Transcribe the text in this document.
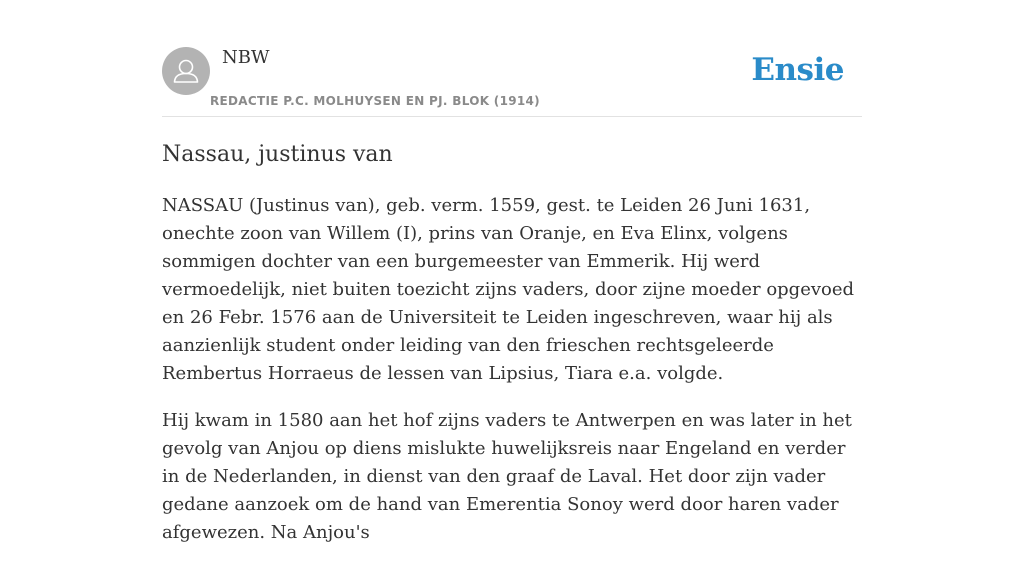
NBW
REDACTIE P.C. MOLHUYSEN EN PJ. BLOK (1914)
Ensie
Nassau, justinus van

NASSAU (Justinus van), geb. verm. 1559, gest. te Leiden 26 Juni 1631, onechte zoon van Willem (I), prins van Oranje, en Eva Elinx, volgens sommigen dochter van een burgemeester van Emmerik. Hij werd vermoedelijk, niet buiten toezicht zijns vaders, door zijne moeder opgevoed en 26 Febr. 1576 aan de Universiteit te Leiden ingeschreven, waar hij als aanzienlijk student onder leiding van den frieschen rechtsgeleerde Rembertus Horraeus de lessen van Lipsius, Tiara e.a. volgde.

Hij kwam in 1580 aan het hof zijns vaders te Antwerpen en was later in het gevolg van Anjou op diens mislukte huwelijksreis naar Engeland en verder in de Nederlanden, in dienst van den graaf de Laval. Het door zijn vader gedane aanzoek om de hand van Emerentia Sonoy werd door haren vader afgewezen. Na Anjou's
